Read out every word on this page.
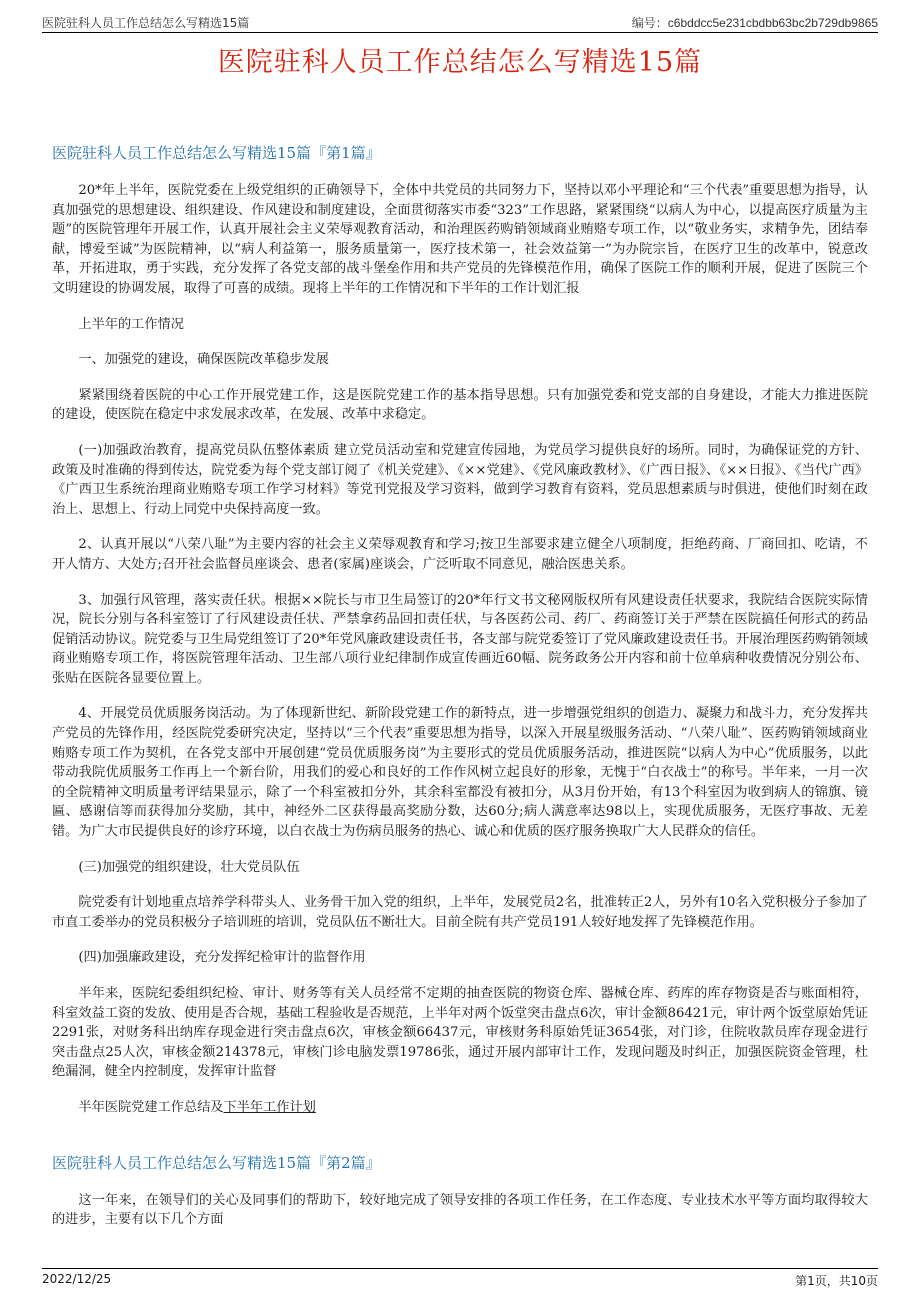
医院驻科人员工作总结怎么写精选15篇	编号：c6bddcc5e231cbdbb63bc2b729db9865
医院驻科人员工作总结怎么写精选15篇
医院驻科人员工作总结怎么写精选15篇『第1篇』

20*年上半年，医院党委在上级党组织的正确领导下，全体中共党员的共同努力下，坚持以邓小平理论和“三个代表”重要思想为指导，认真加强党的思想建设、组织建设、作风建设和制度建设，全面贯彻落实市委“323”工作思路，紧紧围绕“以病人为中心，以提高医疗质量为主题”的医院管理年开展工作，认真开展社会主义荣辱观教育活动，和治理医药购销领域商业贿赂专项工作，以“敬业务实，求精争先，团结奉献，博爱至诚”为医院精神，以“病人利益第一，服务质量第一，医疗技术第一，社会效益第一”为办院宗旨，在医疗卫生的改革中，锐意改革，开拓进取，勇于实践，充分发挥了各党支部的战斗堡垒作用和共产党员的先锋模范作用，确保了医院工作的顺利开展，促进了医院三个文明建设的协调发展，取得了可喜的成绩。现将上半年的工作情况和下半年的工作计划汇报

上半年的工作情况

一、加强党的建设，确保医院改革稳步发展

紧紧围绕着医院的中心工作开展党建工作，这是医院党建工作的基本指导思想。只有加强党委和党支部的自身建设，才能大力推进医院的建设，使医院在稳定中求发展求改革，在发展、改革中求稳定。

(一)加强政治教育，提高党员队伍整体素质 建立党员活动室和党建宣传园地，为党员学习提供良好的场所。同时，为确保证党的方针、政策及时准确的得到传达，院党委为每个党支部订阅了《机关党建》、《××党建》、《党风廉政教材》、《广西日报》、《××日报》、《当代广西》《广西卫生系统治理商业贿赂专项工作学习材料》等党刊党报及学习资料，做到学习教育有资料，党员思想素质与时俱进，使他们时刻在政治上、思想上、行动上同党中央保持高度一致。

2、认真开展以“八荣八耻”为主要内容的社会主义荣辱观教育和学习;按卫生部要求建立健全八项制度，拒绝药商、厂商回扣、吃请，不开人情方、大处方;召开社会监督员座谈会、患者(家属)座谈会，广泛听取不同意见，融洽医患关系。

3、加强行风管理，落实责任状。根据××院长与市卫生局签订的20*年行文书文秘网版权所有风建设责任状要求，我院结合医院实际情况，院长分别与各科室签订了行风建设责任状、严禁拿药品回扣责任状，与各医药公司、药厂、药商签订关于严禁在医院搞任何形式的药品促销活动协议。院党委与卫生局党组签订了20*年党风廉政建设责任书，各支部与院党委签订了党风廉政建设责任书。开展治理医药购销领域商业贿赂专项工作，将医院管理年活动、卫生部八项行业纪律制作成宣传画近60幅、院务政务公开内容和前十位单病种收费情况分别公布、张贴在医院各显要位置上。

4、开展党员优质服务岗活动。为了体现新世纪、新阶段党建工作的新特点，进一步增强党组织的创造力、凝聚力和战斗力，充分发挥共产党员的先锋作用，经医院党委研究决定，坚持以“三个代表”重要思想为指导，以深入开展星级服务活动、“八荣八耻”、医药购销领域商业贿赂专项工作为契机，在各党支部中开展创建“党员优质服务岗”为主要形式的党员优质服务活动，推进医院“以病人为中心”优质服务，以此带动我院优质服务工作再上一个新台阶，用我们的爱心和良好的工作作风树立起良好的形象，无愧于“白衣战士”的称号。半年来，一月一次的全院精神文明质量考评结果显示，除了一个科室被扣分外，其余科室都没有被扣分，从3月份开始，有13个科室因为收到病人的锦旗、镜匾、感谢信等而获得加分奖励，其中，神经外二区获得最高奖励分数，达60分;病人满意率达98以上，实现优质服务，无医疗事故、无差错。为广大市民提供良好的诊疗环境，以白衣战士为伤病员服务的热心、诚心和优质的医疗服务换取广大人民群众的信任。

(三)加强党的组织建设，壮大党员队伍

院党委有计划地重点培养学科带头人、业务骨干加入党的组织，上半年，发展党员2名，批准转正2人，另外有10名入党积极分子参加了市直工委举办的党员积极分子培训班的培训，党员队伍不断壮大。目前全院有共产党员191人较好地发挥了先锋模范作用。

(四)加强廉政建设，充分发挥纪检审计的监督作用

半年来，医院纪委组织纪检、审计、财务等有关人员经常不定期的抽查医院的物资仓库、器械仓库、药库的库存物资是否与账面相符，科室效益工资的发放、使用是否合规，基础工程验收是否规范，上半年对两个饭堂突击盘点6次，审计金额86421元，审计两个饭堂原始凭证2291张，对财务科出纳库存现金进行突击盘点6次，审核金额66437元，审核财务科原始凭证3654张，对门诊，住院收款员库存现金进行突击盘点25人次，审核金额214378元，审核门诊电脑发票19786张，通过开展内部审计工作，发现问题及时纠正，加强医院资金管理，杜绝漏洞，健全内控制度，发挥审计监督

半年医院党建工作总结及下半年工作计划

医院驻科人员工作总结怎么写精选15篇『第2篇』

这一年来，在领导们的关心及同事们的帮助下，较好地完成了领导安排的各项工作任务，在工作态度、专业技术水平等方面均取得较大的进步，主要有以下几个方面

2022/12/25	第1页，共10页
